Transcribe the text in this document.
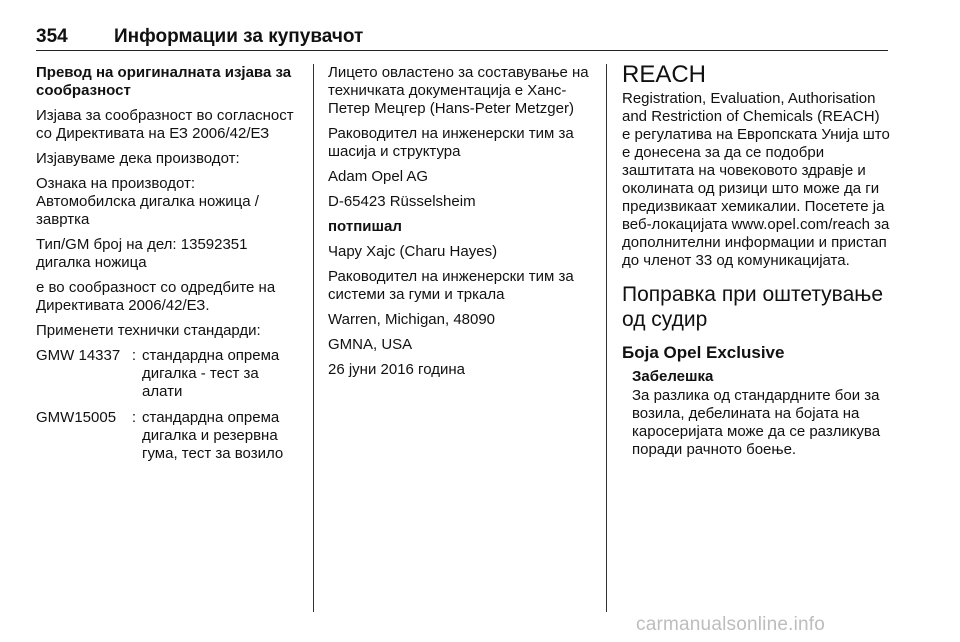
354 Информации за купувачот

Превод на оригиналната изјава за сообразност

Изјава за сообразност во согласност со Директивата на ЕЗ 2006/42/ЕЗ

Изјавуваме дека производот:

Ознака на производот: Автомобилска дигалка ножица / завртка

Тип/GM број на дел: 13592351 дигалка ножица

е во сообразност со одредбите на Директивата 2006/42/ЕЗ.

Применети технички стандарди:

GMW 14337	:	стандардна опрема дигалка - тест за алати
GMW15005	:	стандардна опрема дигалка и резервна гума, тест за возило

Лицето овластено за составување на техничката документација е Ханс-Петер Мецгер (Hans-Peter Metzger)

Раководител на инженерски тим за шасија и структура

Adam Opel AG

D-65423 Rüsselsheim

потпишал

Чару Хајс (Charu Hayes)

Раководител на инженерски тим за системи за гуми и тркала

Warren, Michigan, 48090

GMNA, USA

26 јуни 2016 година

REACH

Registration, Evaluation, Authorisation and Restriction of Chemicals (REACH) е регулатива на Европската Унија што е донесена за да се подобри заштитата на човековото здравје и околината од ризици што може да ги предизвикаат хемикалии. Посетете ја веб-локацијата www.opel.com/reach за дополнителни информации и пристап до членот 33 од комуникацијата.

Поправка при оштетување од судир
Боја Opel Exclusive
Забелешка
За разлика од стандардните бои за возила, дебелината на бојата на каросеријата може да се разликува поради рачното боење.
carmanualsonline.info
